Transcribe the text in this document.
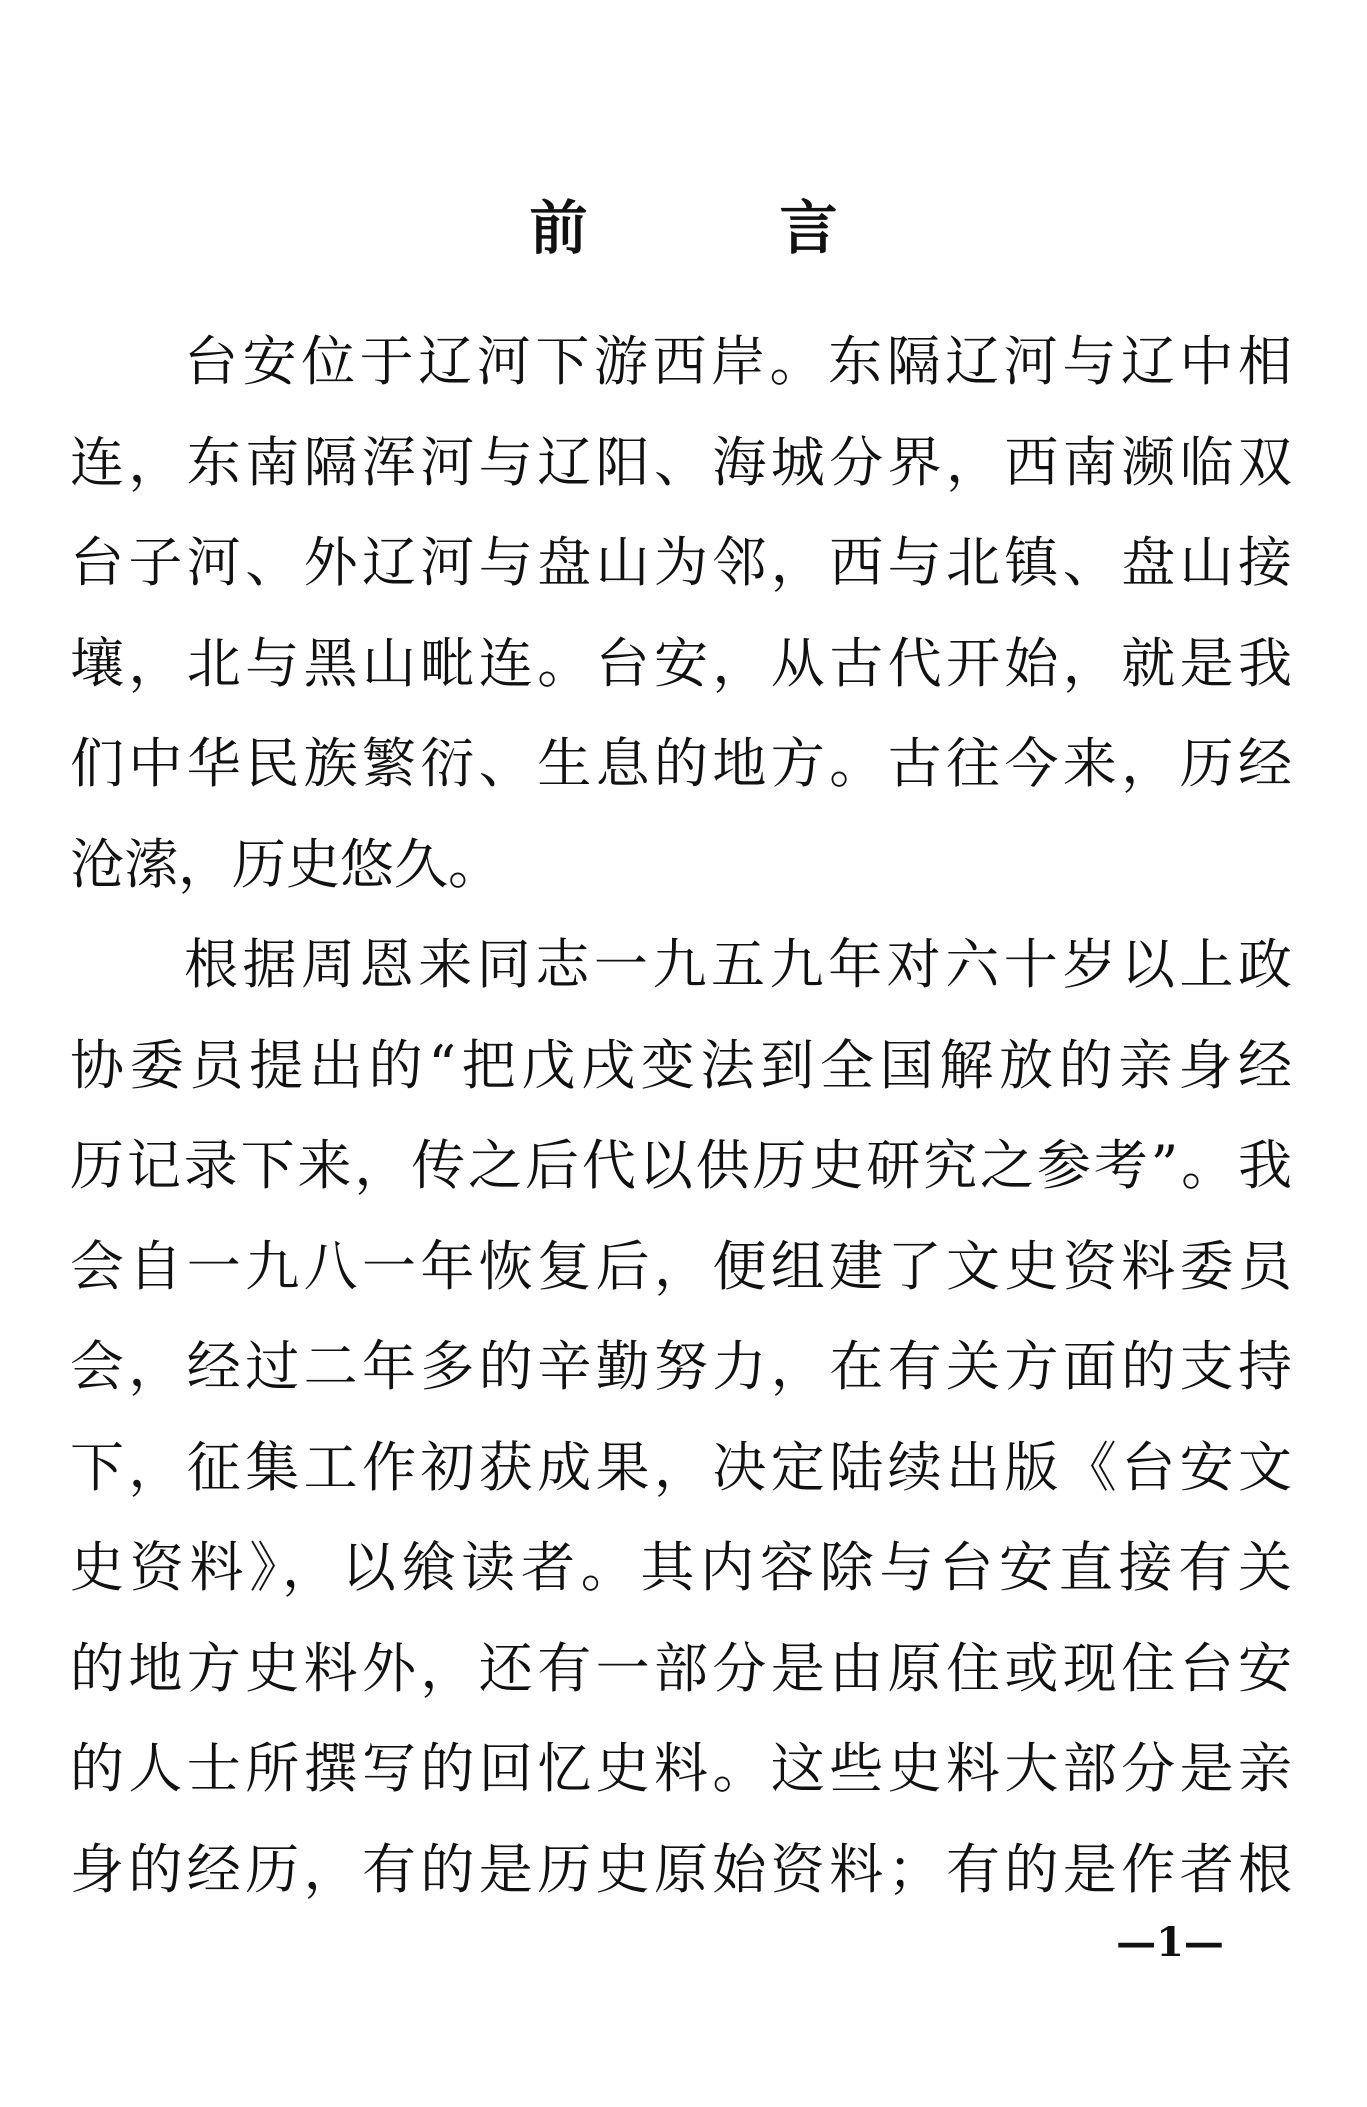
前	言
台安位于辽河下游西岸。东隔辽河与辽中相
连，东南隔浑河与辽阳、海城分界，西南濒临双
台子河、外辽河与盘山为邻，西与北镇、盘山接
壤，北与黑山毗连。台安，从古代开始，就是我
们中华民族繁衍、生息的地方。古往今来，历经
沧溹，历史悠久。
根据周恩来同志一九五九年对六十岁以上政
协委员提出的“把戊戌变法到全国解放的亲身经
历记录下来，传之后代以供历史研究之参考”。我
会自一九八一年恢复后，便组建了文史资料委员
会，经过二年多的辛勤努力，在有关方面的支持
下，征集工作初获成果，决定陆续出版《台安文
史资料》，以飨读者。其内容除与台安直接有关
的地方史料外，还有一部分是由原住或现住台安
的人士所撰写的回忆史料。这些史料大部分是亲
身的经历，有的是历史原始资料；有的是作者根
—1—
